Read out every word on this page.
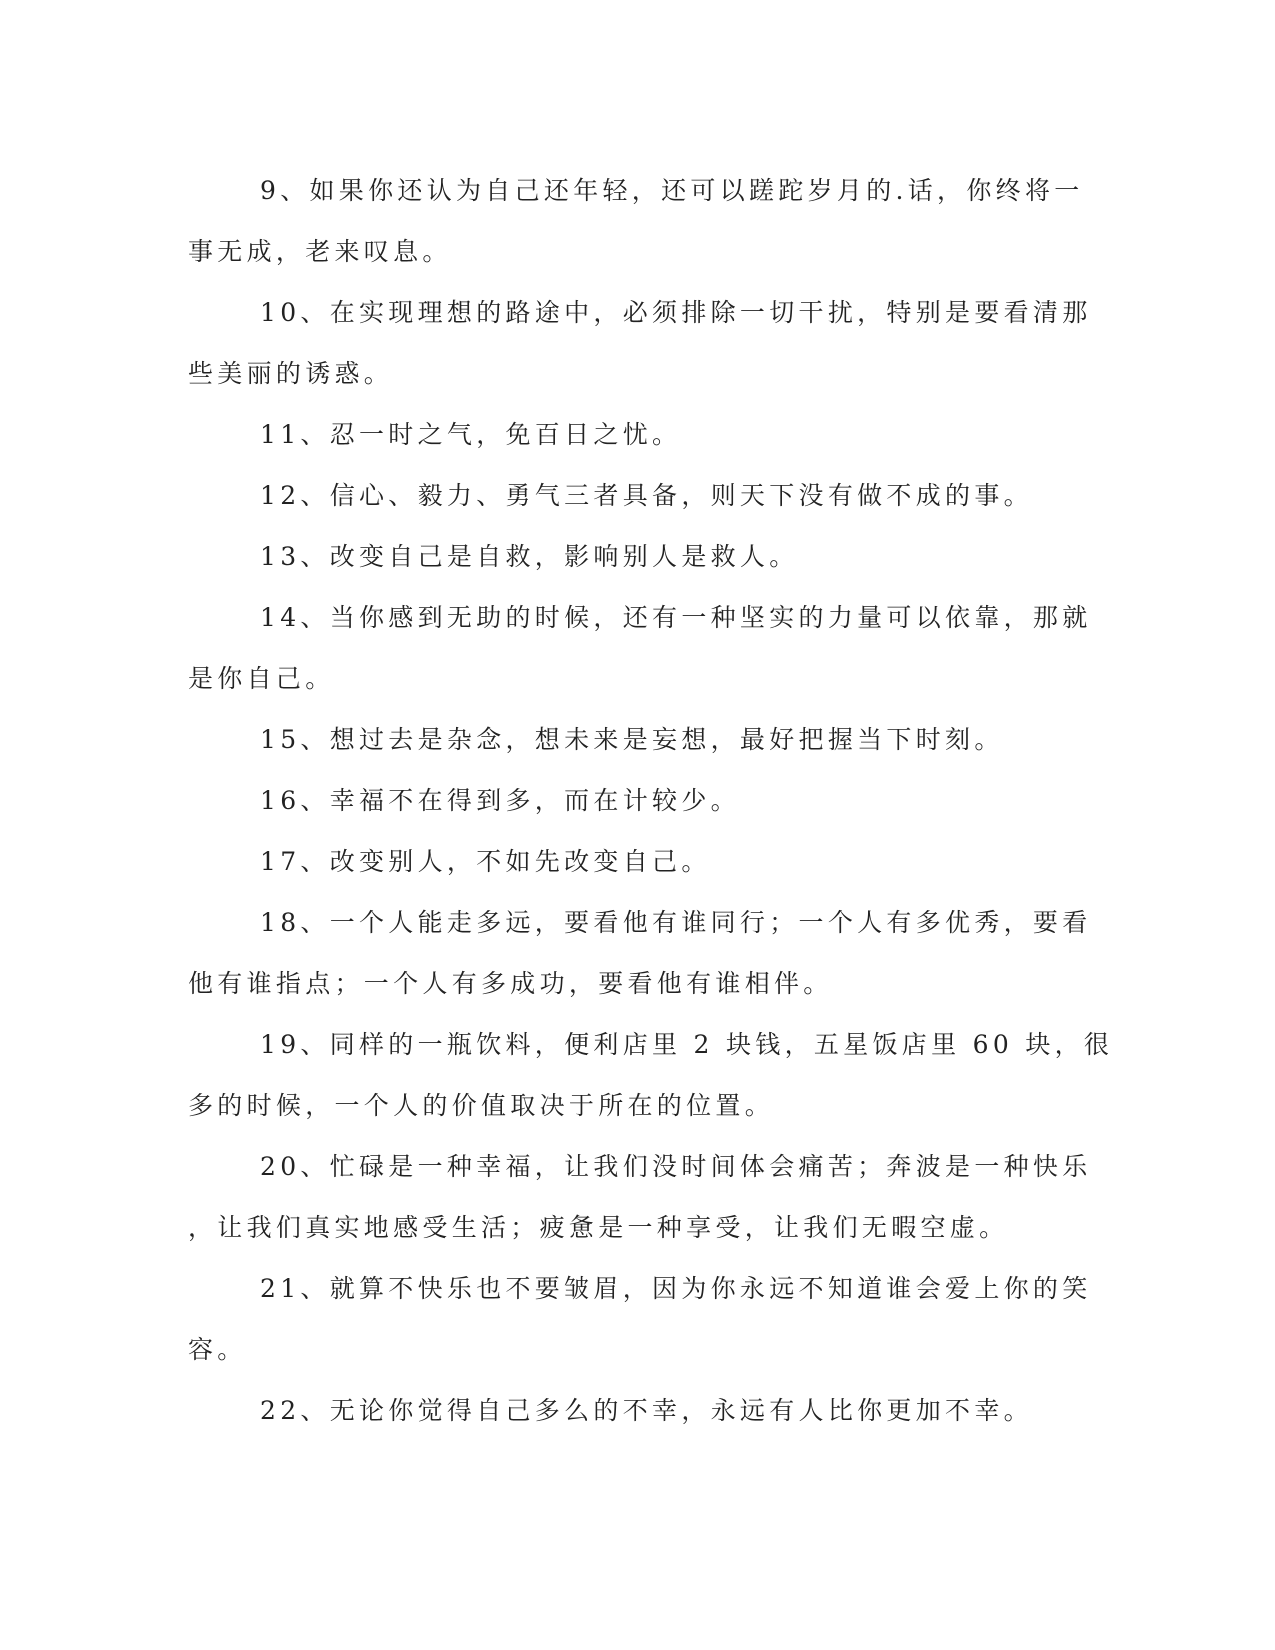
9、如果你还认为自己还年轻，还可以蹉跎岁月的.话，你终将一
事无成，老来叹息。

10、在实现理想的路途中，必须排除一切干扰，特别是要看清那
些美丽的诱惑。

11、忍一时之气，免百日之忧。

12、信心、毅力、勇气三者具备，则天下没有做不成的事。

13、改变自己是自救，影响别人是救人。

14、当你感到无助的时候，还有一种坚实的力量可以依靠，那就
是你自己。

15、想过去是杂念，想未来是妄想，最好把握当下时刻。

16、幸福不在得到多，而在计较少。

17、改变别人，不如先改变自己。

18、一个人能走多远，要看他有谁同行；一个人有多优秀，要看
他有谁指点；一个人有多成功，要看他有谁相伴。

19、同样的一瓶饮料，便利店里 2 块钱，五星饭店里 60 块，很
多的时候，一个人的价值取决于所在的位置。

20、忙碌是一种幸福，让我们没时间体会痛苦；奔波是一种快乐
，让我们真实地感受生活；疲惫是一种享受，让我们无暇空虚。

21、就算不快乐也不要皱眉，因为你永远不知道谁会爱上你的笑
容。

22、无论你觉得自己多么的不幸，永远有人比你更加不幸。
